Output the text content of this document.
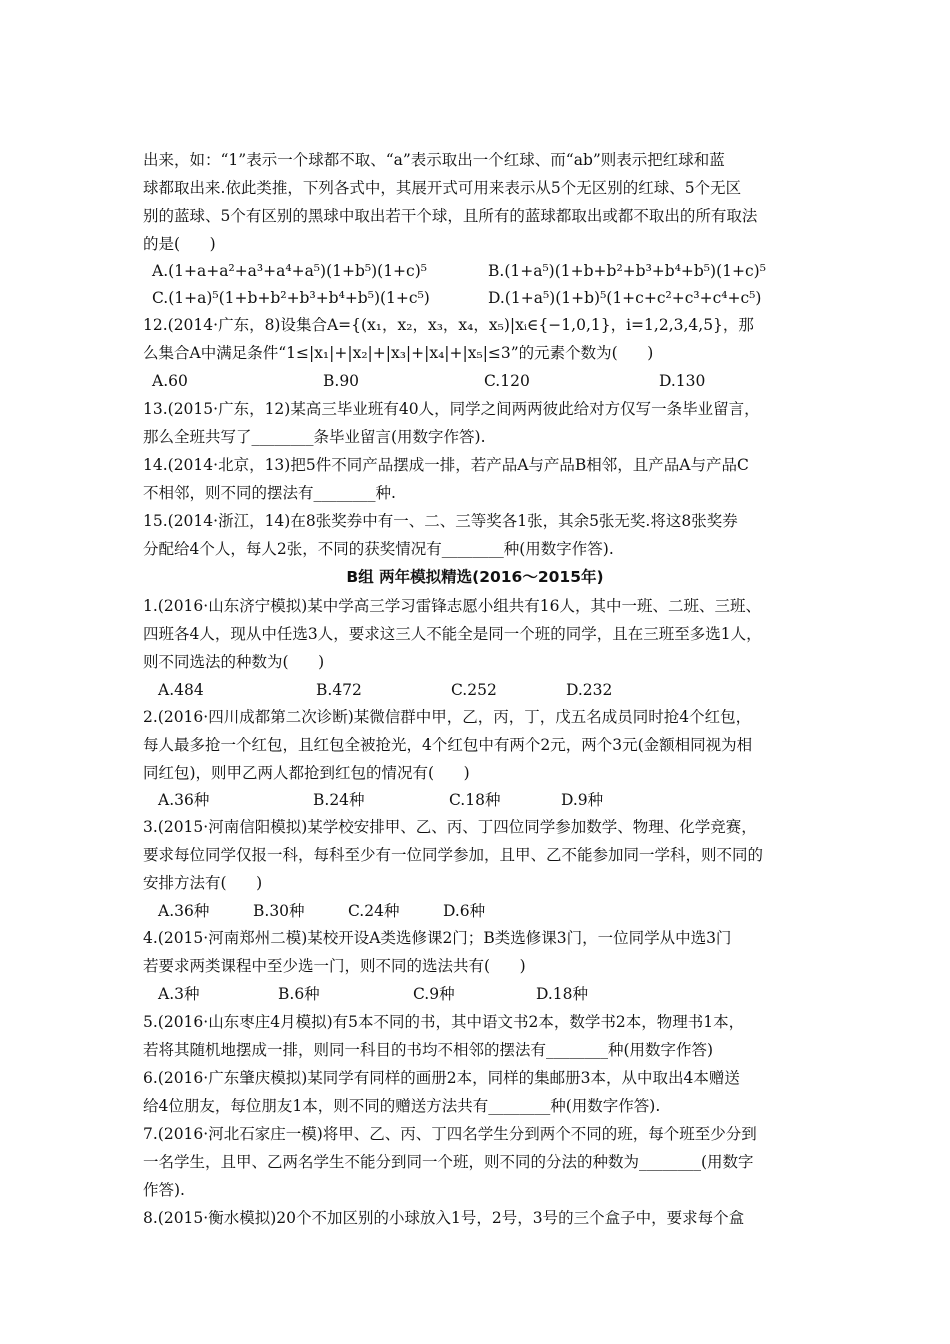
出来，如：“1”表示一个球都不取、“a”表示取出一个红球、而“ab”则表示把红球和蓝
球都取出来.依此类推，下列各式中，其展开式可用来表示从5个无区别的红球、5个无区
别的蓝球、5个有区别的黑球中取出若干个球，且所有的蓝球都取出或都不取出的所有取法
的是(      )
A.(1+a+a²+a³+a⁴+a⁵)(1+b⁵)(1+c)⁵	B.(1+a⁵)(1+b+b²+b³+b⁴+b⁵)(1+c)⁵
C.(1+a)⁵(1+b+b²+b³+b⁴+b⁵)(1+c⁵)	D.(1+a⁵)(1+b)⁵(1+c+c²+c³+c⁴+c⁵)
12.(2014·广东，8)设集合A={(x₁，x₂，x₃，x₄，x₅)|xᵢ∈{−1,0,1}，i=1,2,3,4,5}，那
么集合A中满足条件“1≤|x₁|+|x₂|+|x₃|+|x₄|+|x₅|≤3”的元素个数为(      )
A.60	B.90	C.120	D.130
13.(2015·广东，12)某高三毕业班有40人，同学之间两两彼此给对方仅写一条毕业留言，
那么全班共写了________条毕业留言(用数字作答).
14.(2014·北京，13)把5件不同产品摆成一排，若产品A与产品B相邻，且产品A与产品C
不相邻，则不同的摆法有________种.
15.(2014·浙江，14)在8张奖券中有一、二、三等奖各1张，其余5张无奖.将这8张奖券
分配给4个人，每人2张，不同的获奖情况有________种(用数字作答).
B组 两年模拟精选(2016～2015年)
1.(2016·山东济宁模拟)某中学高三学习雷锋志愿小组共有16人，其中一班、二班、三班、
四班各4人，现从中任选3人，要求这三人不能全是同一个班的同学，且在三班至多选1人，
则不同选法的种数为(      )
A.484	B.472	C.252	D.232
2.(2016·四川成都第二次诊断)某微信群中甲，乙，丙，丁，戊五名成员同时抢4个红包，
每人最多抢一个红包，且红包全被抢光，4个红包中有两个2元，两个3元(金额相同视为相
同红包)，则甲乙两人都抢到红包的情况有(      )
A.36种	B.24种	C.18种	D.9种
3.(2015·河南信阳模拟)某学校安排甲、乙、丙、丁四位同学参加数学、物理、化学竞赛，
要求每位同学仅报一科，每科至少有一位同学参加，且甲、乙不能参加同一学科，则不同的
安排方法有(      )
A.36种	B.30种	C.24种	D.6种
4.(2015·河南郑州二模)某校开设A类选修课2门；B类选修课3门，一位同学从中选3门
若要求两类课程中至少选一门，则不同的选法共有(      )
A.3种	B.6种	C.9种	D.18种
5.(2016·山东枣庄4月模拟)有5本不同的书，其中语文书2本，数学书2本，物理书1本，
若将其随机地摆成一排，则同一科目的书均不相邻的摆法有________种(用数字作答)
6.(2016·广东肇庆模拟)某同学有同样的画册2本，同样的集邮册3本，从中取出4本赠送
给4位朋友，每位朋友1本，则不同的赠送方法共有________种(用数字作答).
7.(2016·河北石家庄一模)将甲、乙、丙、丁四名学生分到两个不同的班，每个班至少分到
一名学生，且甲、乙两名学生不能分到同一个班，则不同的分法的种数为________(用数字
作答).
8.(2015·衡水模拟)20个不加区别的小球放入1号，2号，3号的三个盒子中，要求每个盒
